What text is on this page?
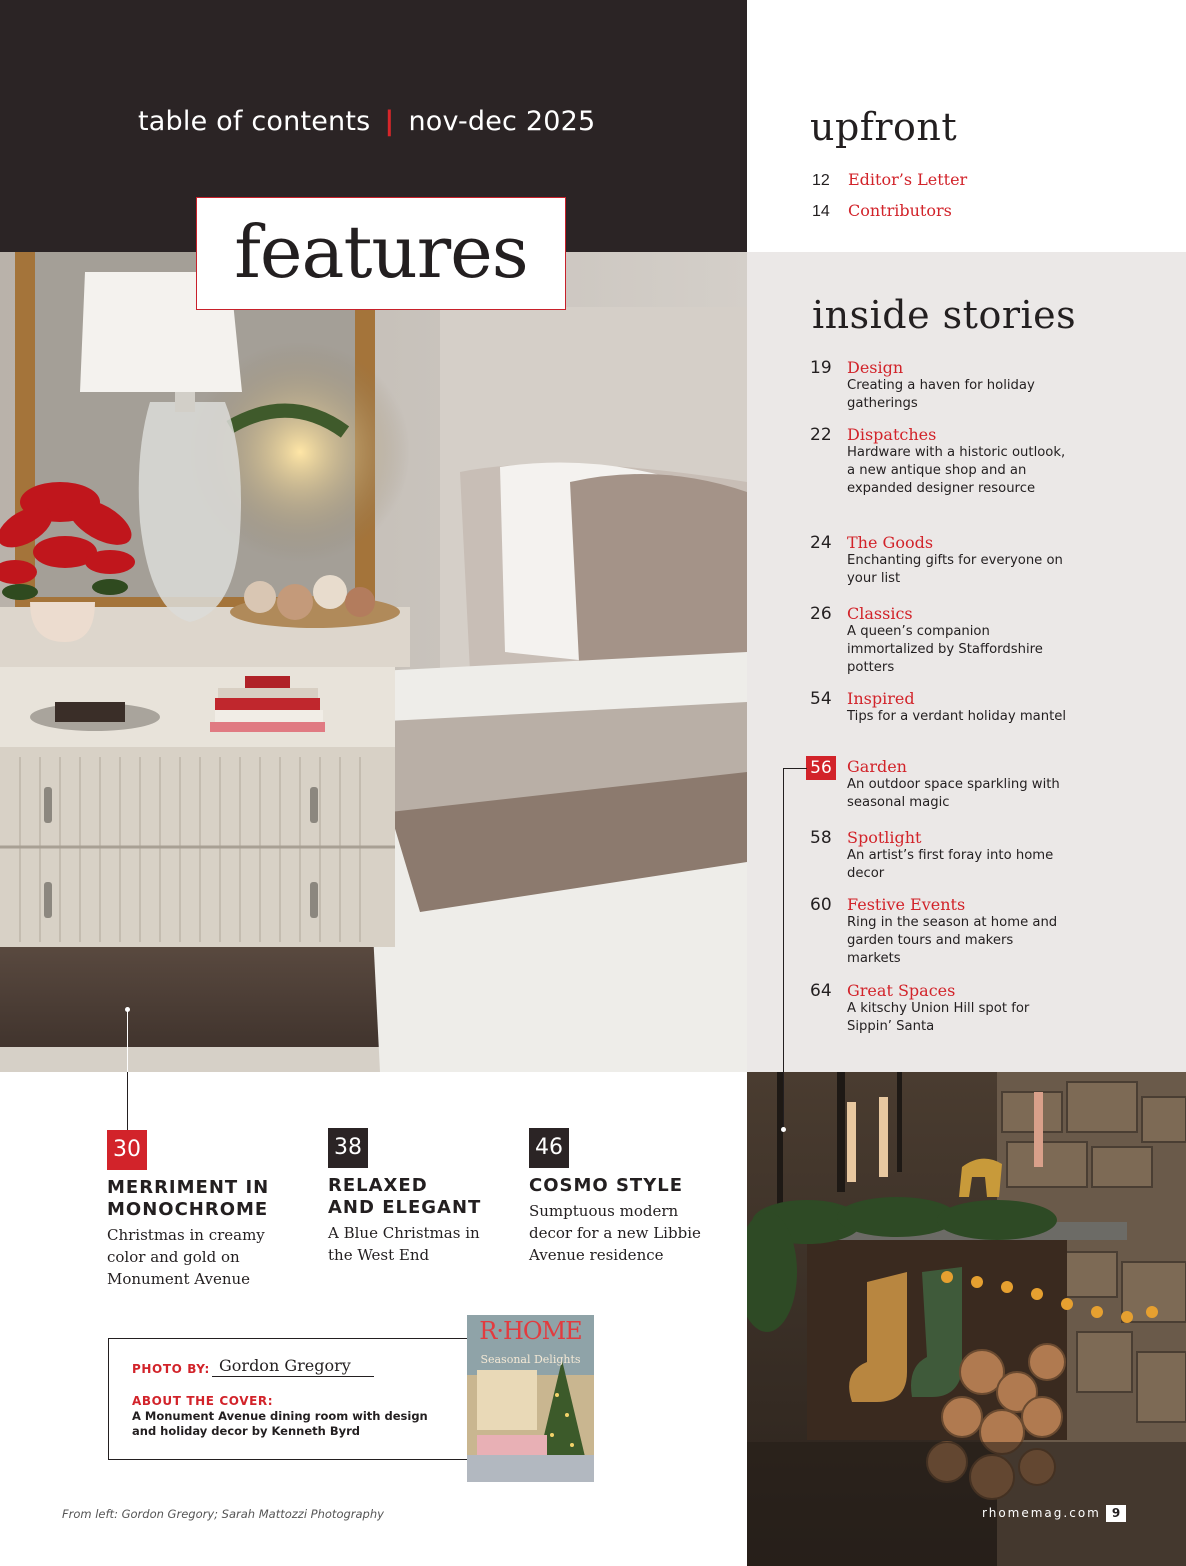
table of contents | nov-dec 2025
features
upfront
12 Editor’s Letter
14 Contributors
inside stories
19 Design
Creating a haven for holiday gatherings
22 Dispatches
Hardware with a historic outlook, a new antique shop and an expanded designer resource
24 The Goods
Enchanting gifts for everyone on your list
26 Classics
A queen’s companion immortalized by Staffordshire potters
54 Inspired
Tips for a verdant holiday mantel
56 Garden
An outdoor space sparkling with seasonal magic
58 Spotlight
An artist’s first foray into home decor
60 Festive Events
Ring in the season at home and garden tours and makers markets
64 Great Spaces
A kitschy Union Hill spot for Sippin’ Santa
30
MERRIMENT IN
MONOCHROME
Christmas in creamy
color and gold on
Monument Avenue
38
RELAXED
AND ELEGANT
A Blue Christmas in
the West End
46
COSMO STYLE
Sumptuous modern
decor for a new Libbie
Avenue residence
PHOTO BY: Gordon Gregory
ABOUT THE COVER:
A Monument Avenue dining room with design and holiday decor by Kenneth Byrd
R·HOME
Seasonal Delights
From left: Gordon Gregory; Sarah Mattozzi Photography	rhomemag.com 9
